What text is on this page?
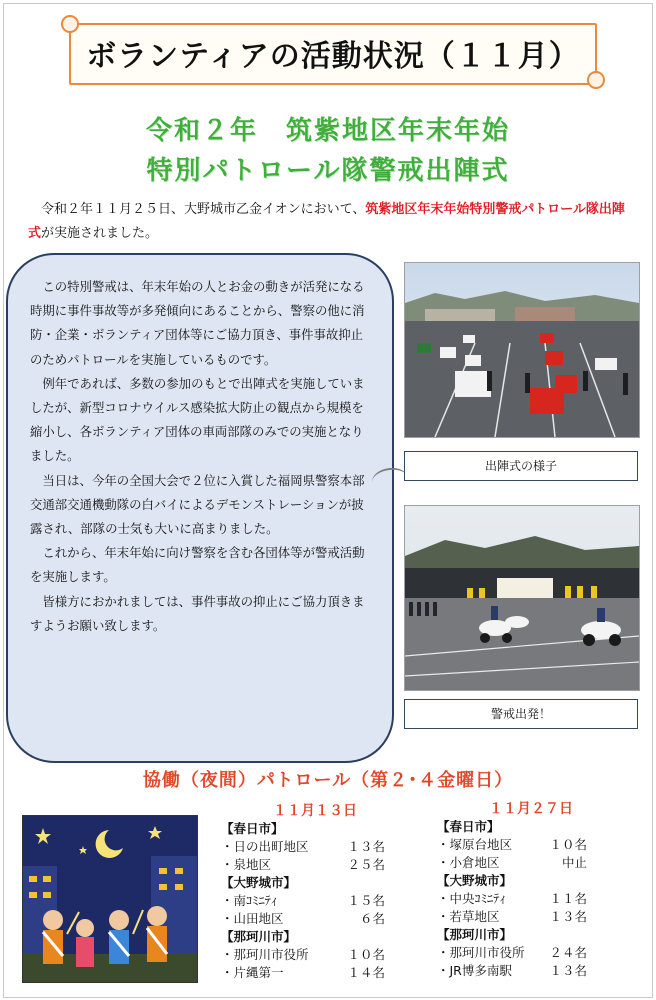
ボランティアの活動状況（１１月）
令和２年　筑紫地区年末年始
特別パトロール隊警戒出陣式
　令和２年１１月２５日、大野城市乙金イオンにおいて、筑紫地区年末年始特別警戒パトロール隊出陣式が実施されました。

この特別警戒は、年末年始の人とお金の動きが活発になる時期に事件事故等が多発傾向にあることから、警察の他に消防・企業・ボランティア団体等にご協力頂き、事件事故抑止のためパトロールを実施しているものです。

例年であれば、多数の参加のもとで出陣式を実施していましたが、新型コロナウイルス感染拡大防止の観点から規模を縮小し、各ボランティア団体の車両部隊のみでの実施となりました。

当日は、今年の全国大会で２位に入賞した福岡県警察本部交通部交通機動隊の白バイによるデモンストレーションが披露され、部隊の士気も大いに高まりました。

これから、年末年始に向け警察を含む各団体等が警戒活動を実施します。

皆様方におかれましては、事件事故の抑止にご協力頂きますようお願い致します。

出陣式の様子
警戒出発！
協働（夜間）パトロール（第２･４金曜日）
１１月１３日
【春日市】
・日の出町地区	１３名
・泉地区	２５名
【大野城市】
・南ｺﾐﾆﾃｨ	１５名
・山田地区	６名
【那珂川市】
・那珂川市役所	１０名
・片縄第一	１４名
１１月２７日
【春日市】
・塚原台地区	１０名
・小倉地区	中止
【大野城市】
・中央ｺﾐﾆﾃｨ	１１名
・若草地区	１３名
【那珂川市】
・那珂川市役所	２４名
・JR博多南駅	１３名
